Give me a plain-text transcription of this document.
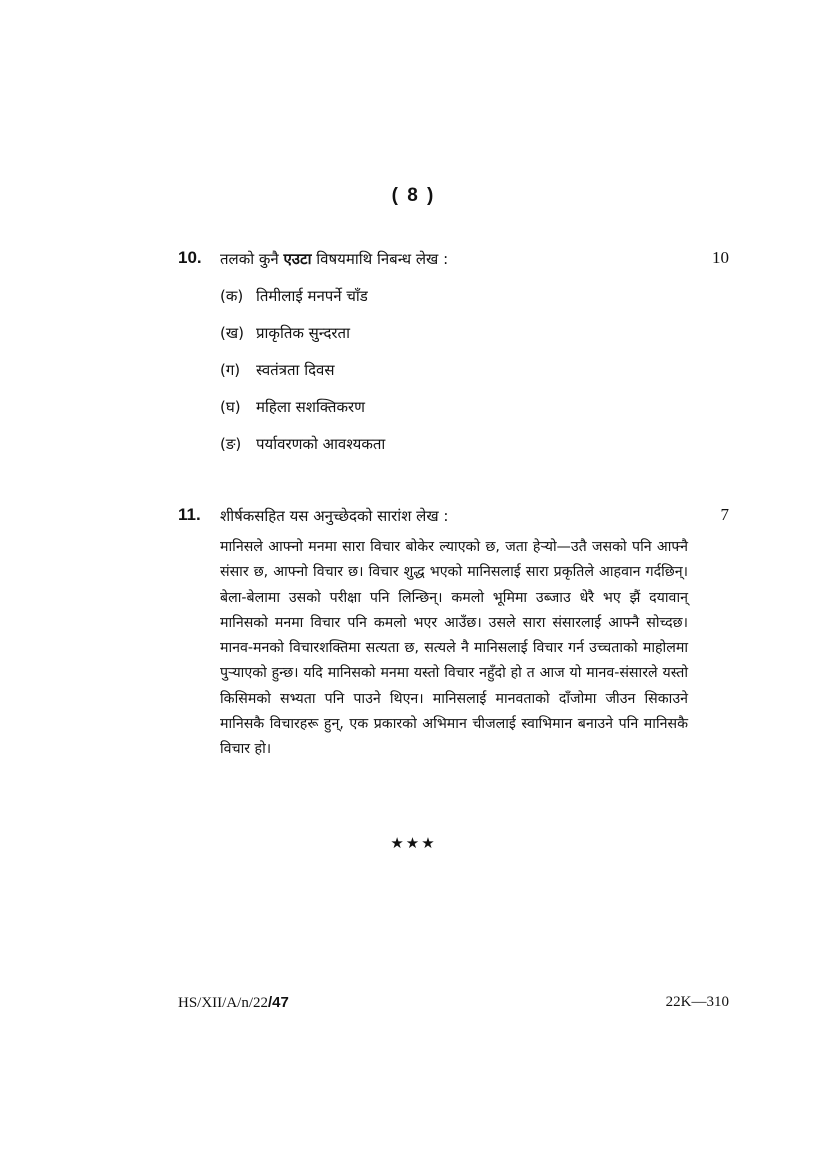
( 8 )
10. तलको कुनै एउटा विषयमाथि निबन्ध लेख :	10
(क) तिमीलाई मनपर्ने चाँड
(ख) प्राकृतिक सुन्दरता
(ग) स्वतंत्रता दिवस
(घ) महिला सशक्तिकरण
(ङ) पर्यावरणको आवश्यकता
11. शीर्षकसहित यस अनुच्छेदको सारांश लेख :	7
मानिसले आफ्नो मनमा सारा विचार बोकेर ल्याएको छ, जता हेर्‍यो—उतै जसको पनि आफ्नै संसार छ, आफ्नो विचार छ। विचार शुद्ध भएको मानिसलाई सारा प्रकृतिले आहवान गर्दछिन्। बेला-बेलामा उसको परीक्षा पनि लिन्छिन्। कमलो भूमिमा उब्जाउ धेरै भए झैं दयावान् मानिसको मनमा विचार पनि कमलो भएर आउँछ। उसले सारा संसारलाई आफ्नै सोच्दछ। मानव-मनको विचारशक्तिमा सत्यता छ, सत्यले नै मानिसलाई विचार गर्न उच्चताको माहोलमा पुर्‍याएको हुन्छ। यदि मानिसको मनमा यस्तो विचार नहुँदो हो त आज यो मानव-संसारले यस्तो किसिमको सभ्यता पनि पाउने थिएन। मानिसलाई मानवताको दाँजोमा जीउन सिकाउने मानिसकै विचारहरू हुन्, एक प्रकारको अभिमान चीजलाई स्वाभिमान बनाउने पनि मानिसकै विचार हो।
★★★
HS/XII/A/n/22/47	22K—310
